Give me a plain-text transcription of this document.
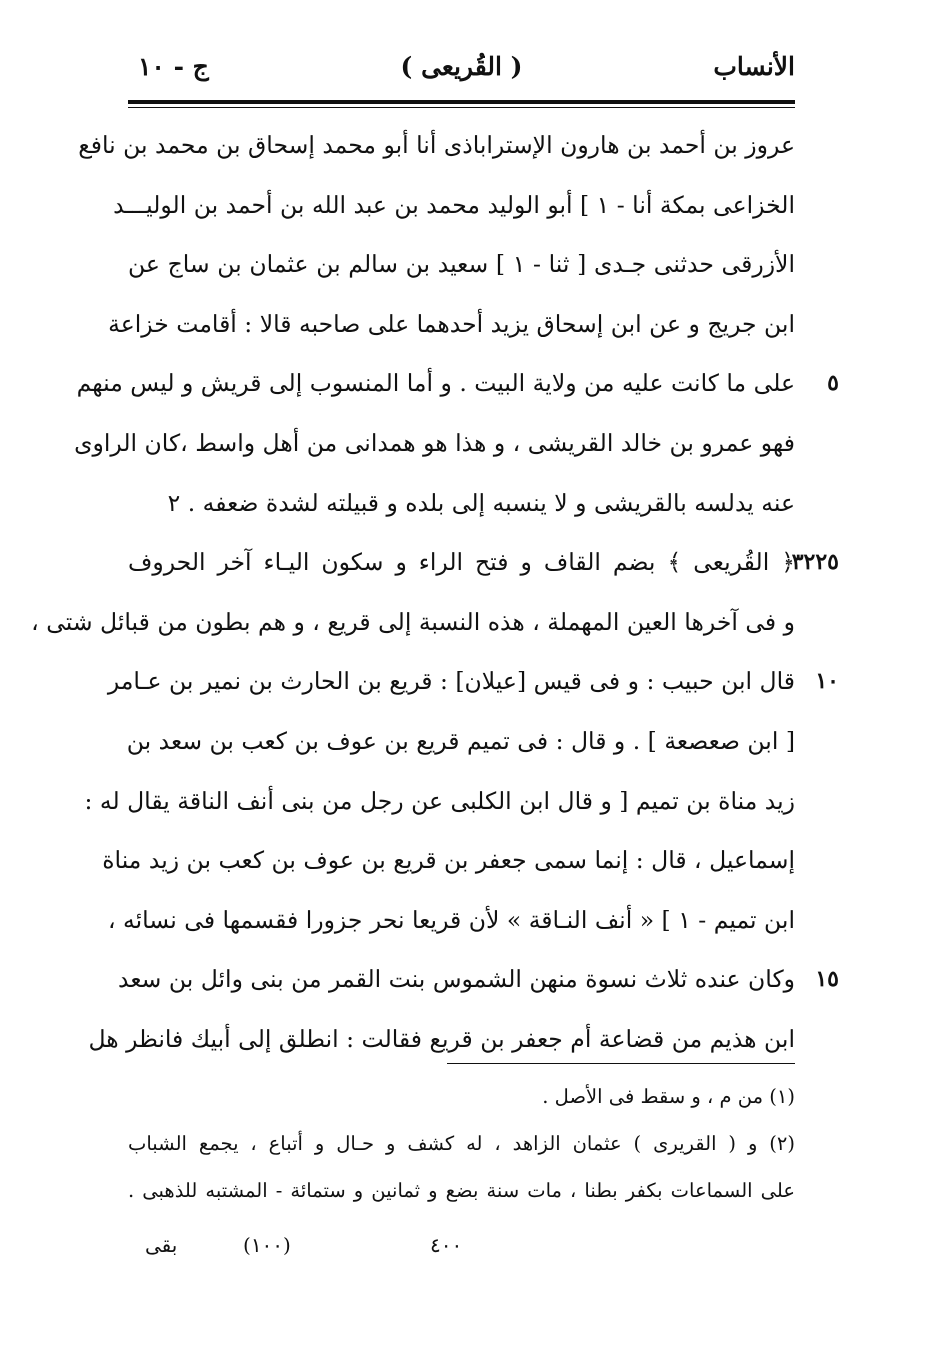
الأنساب
( القُريعى )
ج - ١٠
عروز بن أحمد بن هارون الإستراباذى أنا أبو محمد إسحاق بن محمد بن نافع
الخزاعى بمكة أنا - ١ ] أبو الوليد محمد بن عبد الله بن أحمد بن الوليـــد
الأزرقى حدثنى جـدى [ ثنا - ١ ] سعيد بن سالم بن عثمان بن ساج عن
ابن جريج و عن ابن إسحاق يزيد أحدهما على صاحبه قالا : أقامت خزاعة
على ما كانت عليه من ولاية البيت . و أما المنسوب إلى قريش و ليس منهم	٥
فهو عمرو بن خالد القريشى ، و هذا هو همدانى من أهل واسط ،كان الراوى
عنه يدلسه بالقريشى و لا ينسبه إلى بلده و قبيلته لشدة ضعفه . ٢
﴿ القُريعى ﴾ بضم القاف و فتح الراء و سكون اليـاء آخر الحروف
٣٢٢٥
و فى آخرها العين المهملة ، هذه النسبة إلى قريع ، و هم بطون من قبائل شتى ،
قال ابن حبيب : و فى قيس [عيلان] : قريع بن الحارث بن نمير بن عـامر ١٠
[ ابن صعصعة ] . و قال : فى تميم قريع بن عوف بن كعب بن سعد بن
زيد مناة بن تميم [ و قال ابن الكلبى عن رجل من بنى أنف الناقة يقال له :
إسماعيل ، قال : إنما سمى جعفر بن قريع بن عوف بن كعب بن زيد مناة
ابن تميم - ١ ] « أنف النـاقة » لأن قريعا نحر جزورا فقسمها فى نسائه ،
وكان عنده ثلاث نسوة منهن الشموس بنت القمر من بنى وائل بن سعد ١٥
ابن هذيم من قضاعة أم جعفر بن قريع فقالت : انطلق إلى أبيك فانظر هل
(١) من م ، و سقط فى الأصل .
(٢) و ( القريرى ) عثمان الزاهد ، له كشف و حـال و أتباع ، يجمع الشباب
على السماعات بكفر بطنا ، مات سنة بضع و ثمانين و ستمائة - المشتبه للذهبى .
٤٠٠
(١٠٠)
بقى
